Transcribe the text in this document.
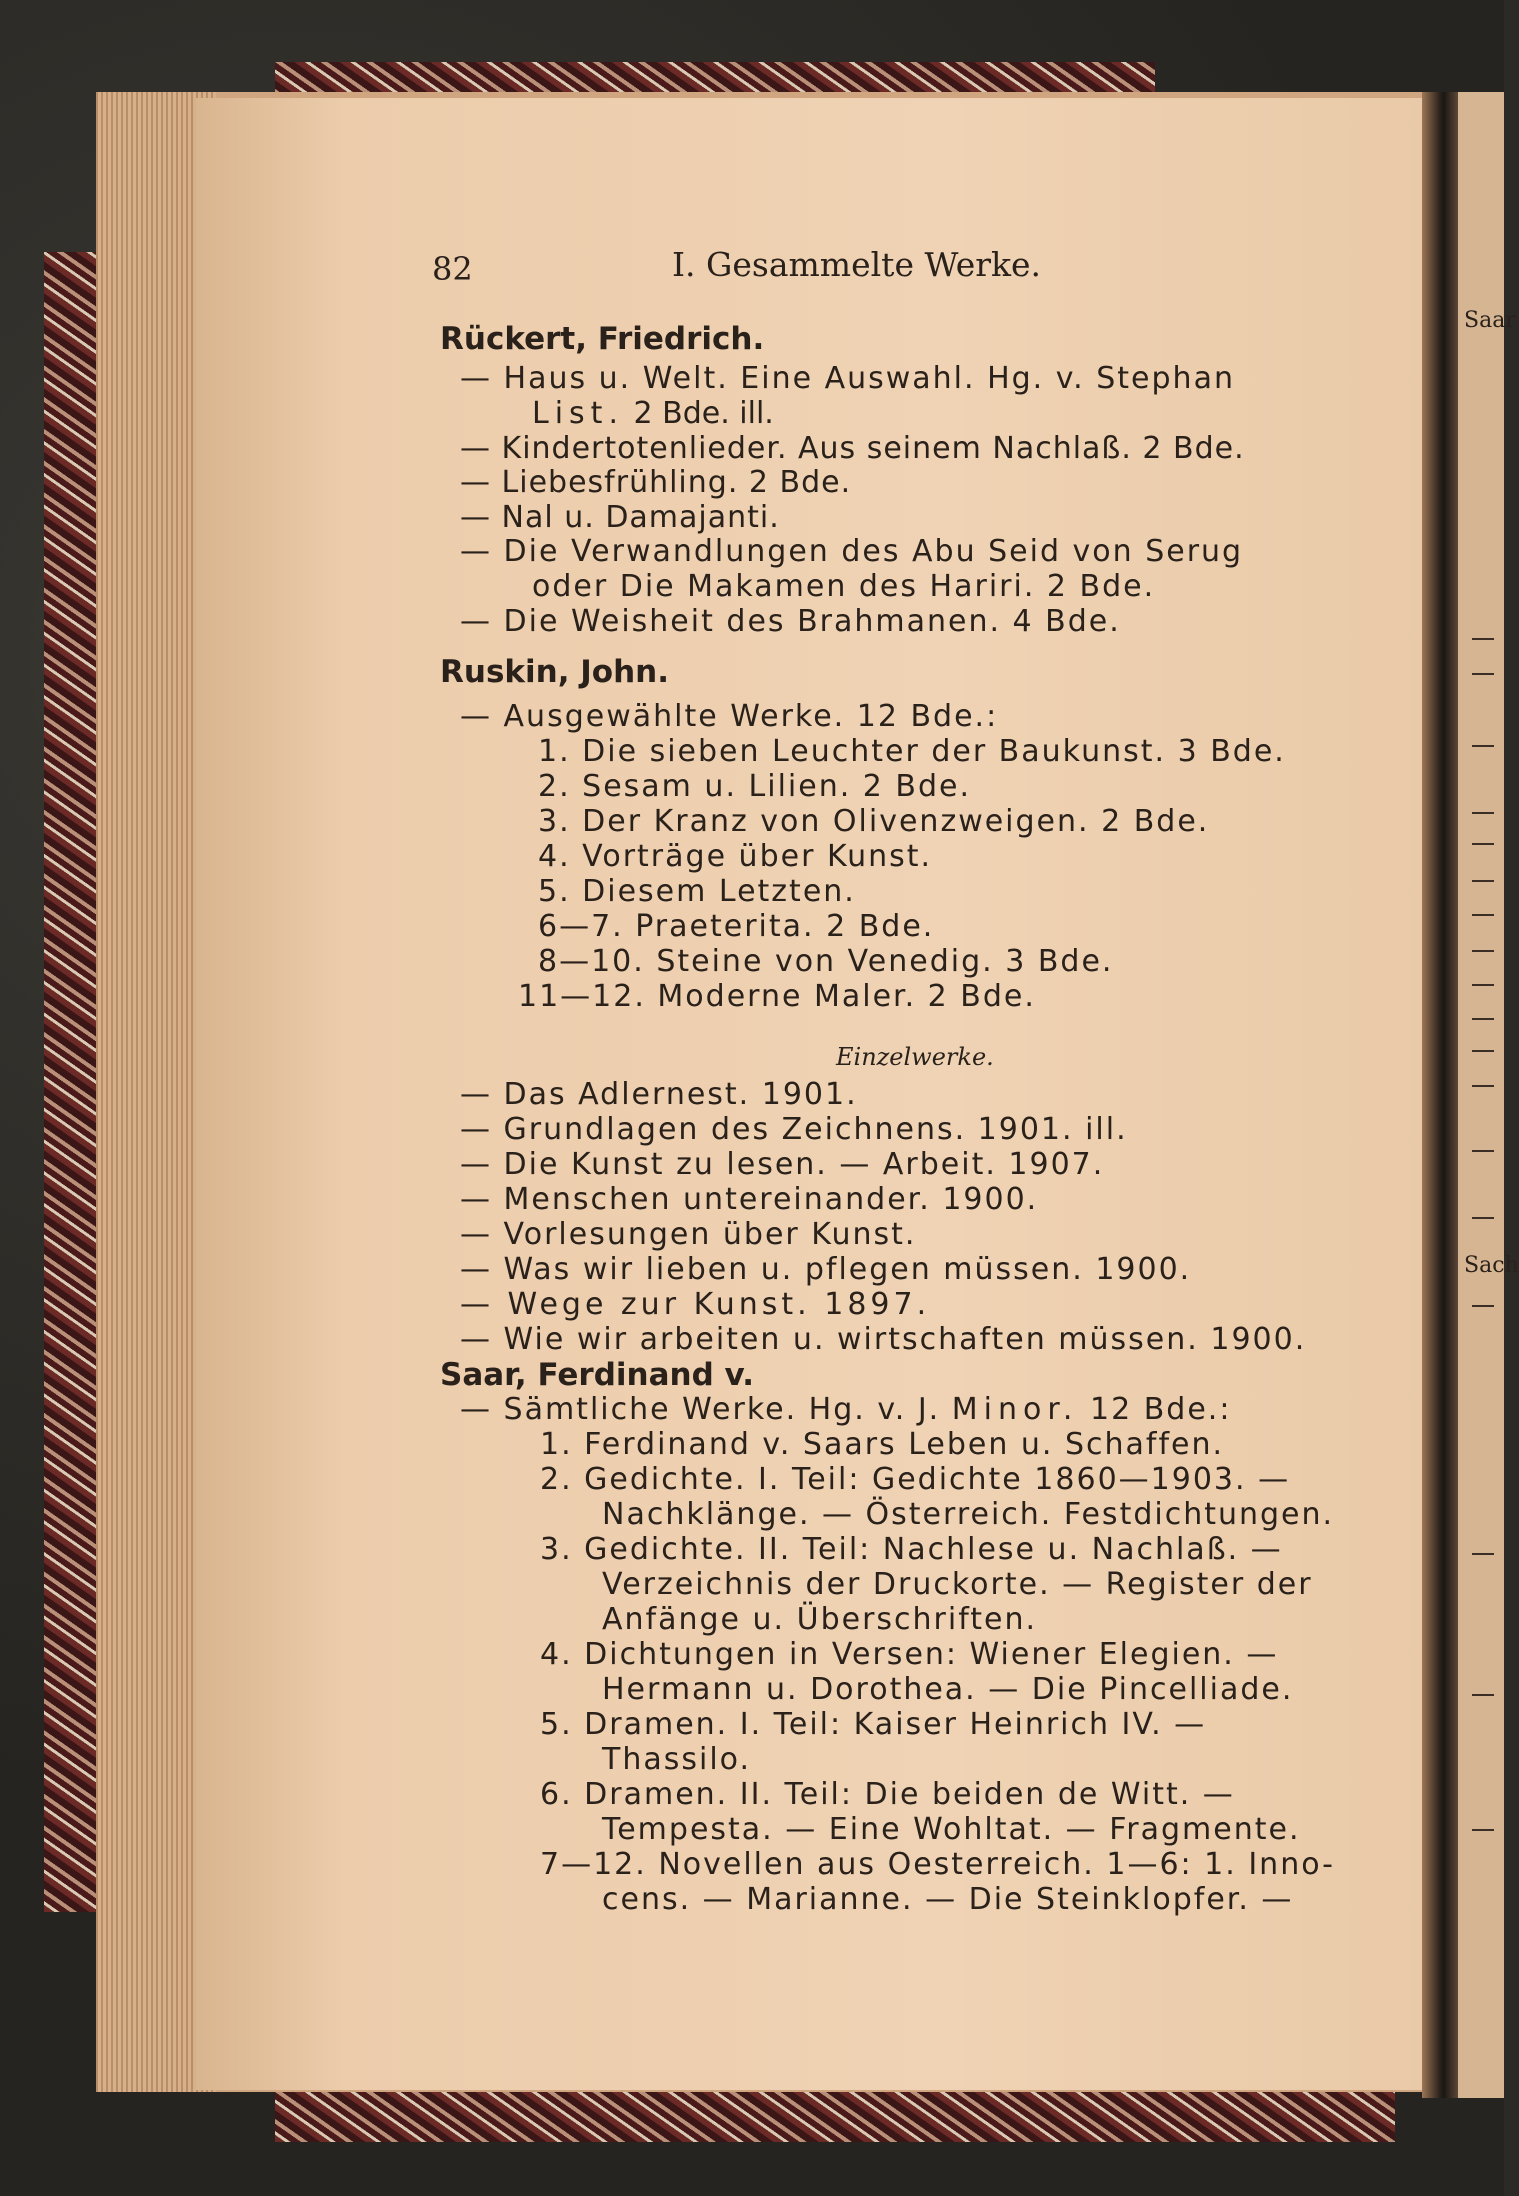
Saar
Sach
82	I. Gesammelte Werke.
Rückert, Friedrich.
— Haus u. Welt. Eine Auswahl. Hg. v. Stephan
List. 2 Bde. ill.
— Kindertotenlieder. Aus seinem Nachlaß. 2 Bde.
— Liebesfrühling. 2 Bde.
— Nal u. Damajanti.
— Die Verwandlungen des Abu Seid von Serug
oder Die Makamen des Hariri. 2 Bde.
— Die Weisheit des Brahmanen. 4 Bde.
Ruskin, John.
— Ausgewählte Werke. 12 Bde.:
1. Die sieben Leuchter der Baukunst. 3 Bde.
2. Sesam u. Lilien. 2 Bde.
3. Der Kranz von Olivenzweigen. 2 Bde.
4. Vorträge über Kunst.
5. Diesem Letzten.
6—7. Praeterita. 2 Bde.
8—10. Steine von Venedig. 3 Bde.
11—12. Moderne Maler. 2 Bde.
Einzelwerke.
— Das Adlernest. 1901.
— Grundlagen des Zeichnens. 1901. ill.
— Die Kunst zu lesen. — Arbeit. 1907.
— Menschen untereinander. 1900.
— Vorlesungen über Kunst.
— Was wir lieben u. pflegen müssen. 1900.
— Wege zur Kunst. 1897.
— Wie wir arbeiten u. wirtschaften müssen. 1900.
Saar, Ferdinand v.
— Sämtliche Werke. Hg. v. J. Minor. 12 Bde.:
1. Ferdinand v. Saars Leben u. Schaffen.
2. Gedichte. I. Teil: Gedichte 1860—1903. —
Nachklänge. — Österreich. Festdichtungen.
3. Gedichte. II. Teil: Nachlese u. Nachlaß. —
Verzeichnis der Druckorte. — Register der
Anfänge u. Überschriften.
4. Dichtungen in Versen: Wiener Elegien. —
Hermann u. Dorothea. — Die Pincelliade.
5. Dramen. I. Teil: Kaiser Heinrich IV. —
Thassilo.
6. Dramen. II. Teil: Die beiden de Witt. —
Tempesta. — Eine Wohltat. — Fragmente.
7—12. Novellen aus Oesterreich. 1—6: 1. Inno-
cens. — Marianne. — Die Steinklopfer. —
